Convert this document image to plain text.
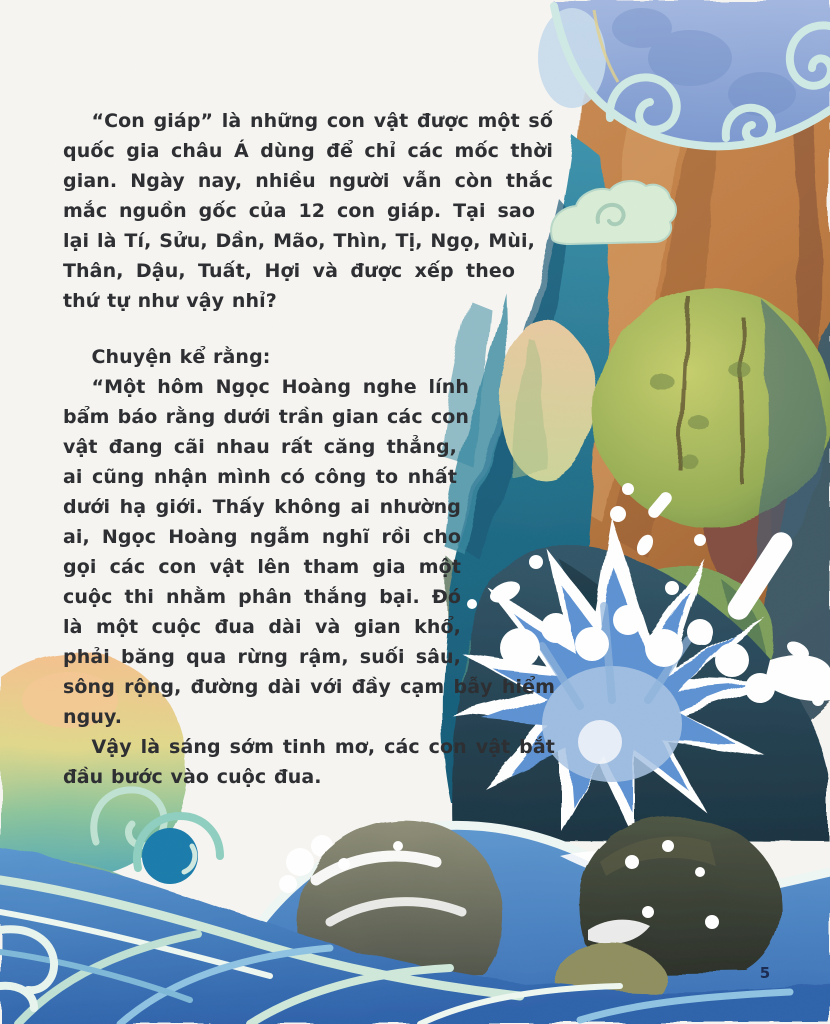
“Con giáp” là những con vật được một số quốc gia châu Á dùng để chỉ các mốc thời gian. Ngày nay, nhiều người vẫn còn thắc mắc nguồn gốc của 12 con giáp. Tại sao lại là Tí, Sửu, Dần, Mão, Thìn, Tị, Ngọ, Mùi, Thân, Dậu, Tuất, Hợi và được xếp theo thứ tự như vậy nhỉ?

Chuyện kể rằng:

“Một hôm Ngọc Hoàng nghe lính bẩm báo rằng dưới trần gian các con vật đang cãi nhau rất căng thẳng, ai cũng nhận mình có công to nhất dưới hạ giới. Thấy không ai nhường ai, Ngọc Hoàng ngẫm nghĩ rồi cho gọi các con vật lên tham gia một cuộc thi nhằm phân thắng bại. Đó là một cuộc đua dài và gian khổ, phải băng qua rừng rậm, suối sâu, sông rộng, đường dài với đầy cạm bẫy hiểm nguy.

Vậy là sáng sớm tinh mơ, các con vật bắt đầu bước vào cuộc đua.

5
